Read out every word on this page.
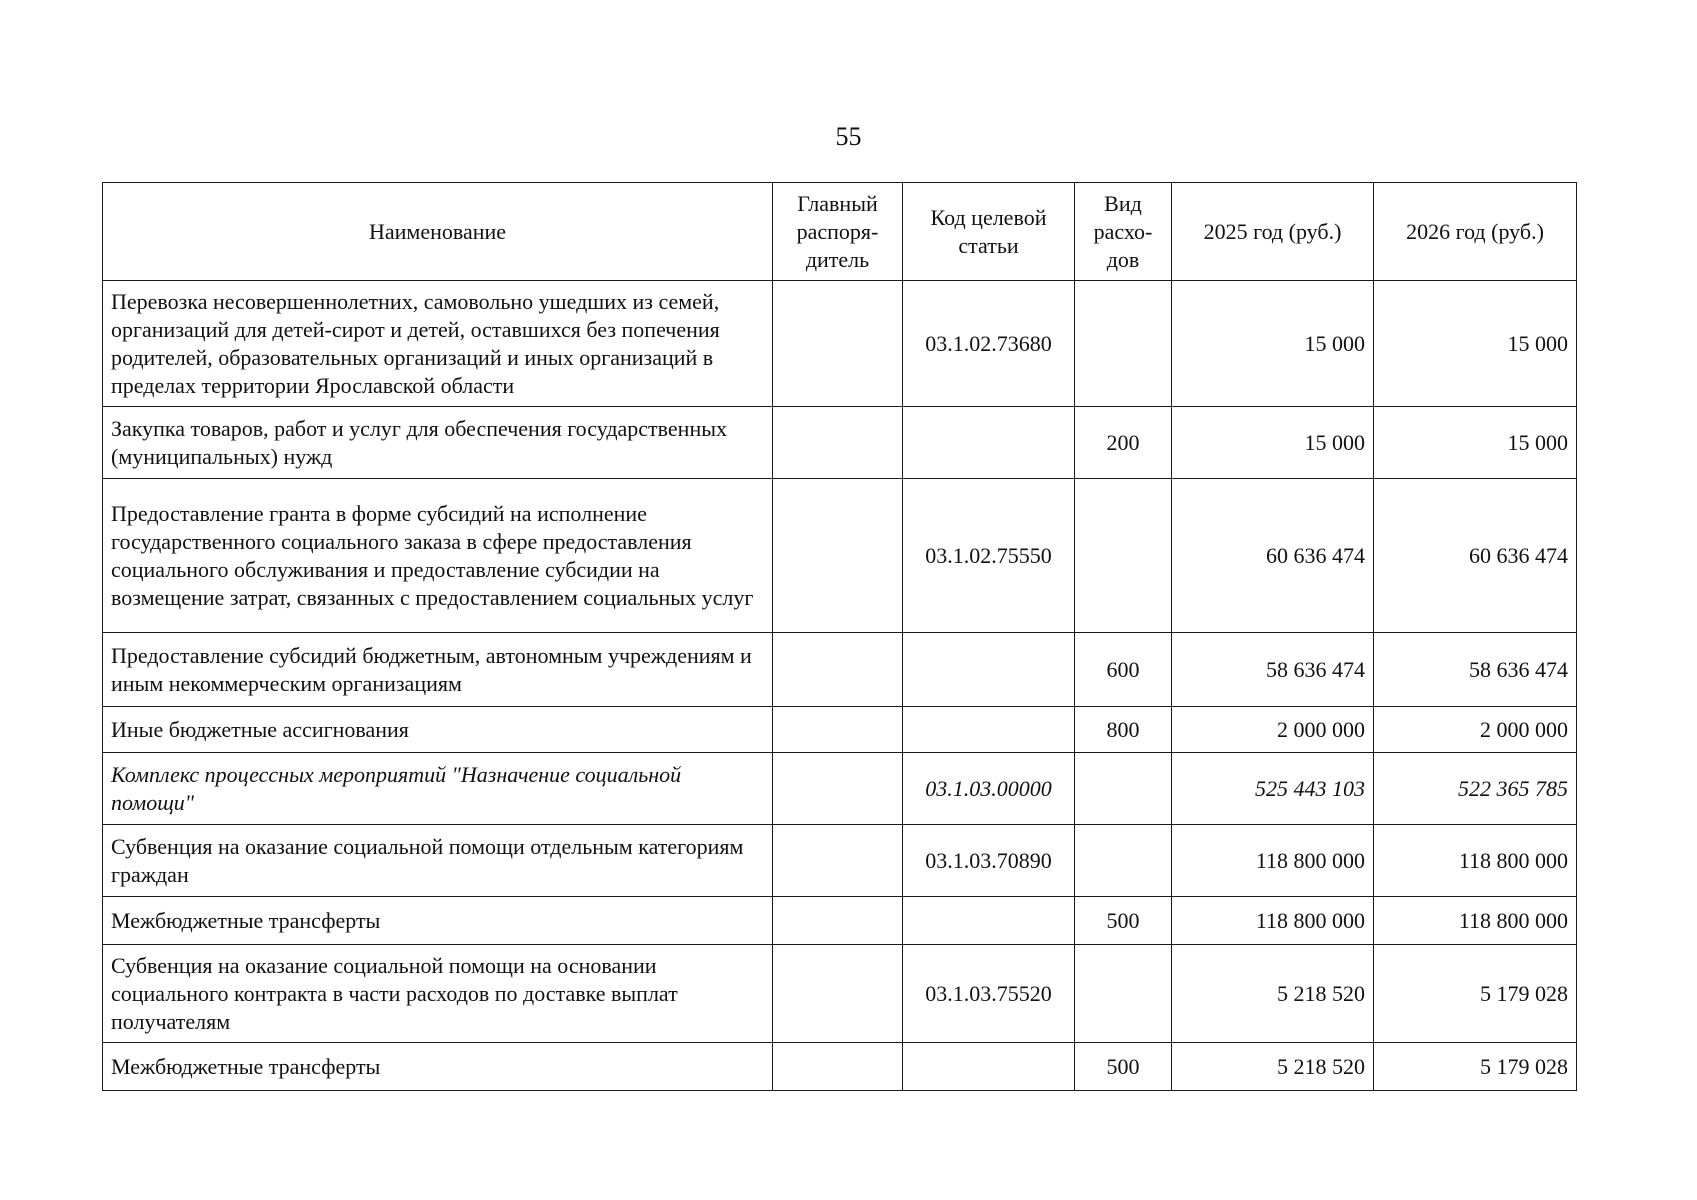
55
Наименование	Главный распоря-дитель	Код целевой статьи	Вид расхо-дов	2025 год (руб.)	2026 год (руб.)
Перевозка несовершеннолетних, самовольно ушедших из семей, организаций для детей-сирот и детей, оставшихся без попечения родителей, образовательных организаций и иных организаций в пределах территории Ярославской области		03.1.02.73680		15 000	15 000
Закупка товаров, работ и услуг для обеспечения государственных (муниципальных) нужд			200	15 000	15 000
Предоставление гранта в форме субсидий на исполнение государственного социального заказа в сфере предоставления социального обслуживания и предоставление субсидии на возмещение затрат, связанных с предоставлением социальных услуг		03.1.02.75550		60 636 474	60 636 474
Предоставление субсидий бюджетным, автономным учреждениям и иным некоммерческим организациям			600	58 636 474	58 636 474
Иные бюджетные ассигнования			800	2 000 000	2 000 000
Комплекс процессных мероприятий "Назначение социальной помощи"		03.1.03.00000		525 443 103	522 365 785
Субвенция на оказание социальной помощи отдельным категориям граждан		03.1.03.70890		118 800 000	118 800 000
Межбюджетные трансферты			500	118 800 000	118 800 000
Субвенция на оказание социальной помощи на основании социального контракта в части расходов по доставке выплат получателям		03.1.03.75520		5 218 520	5 179 028
Межбюджетные трансферты			500	5 218 520	5 179 028
